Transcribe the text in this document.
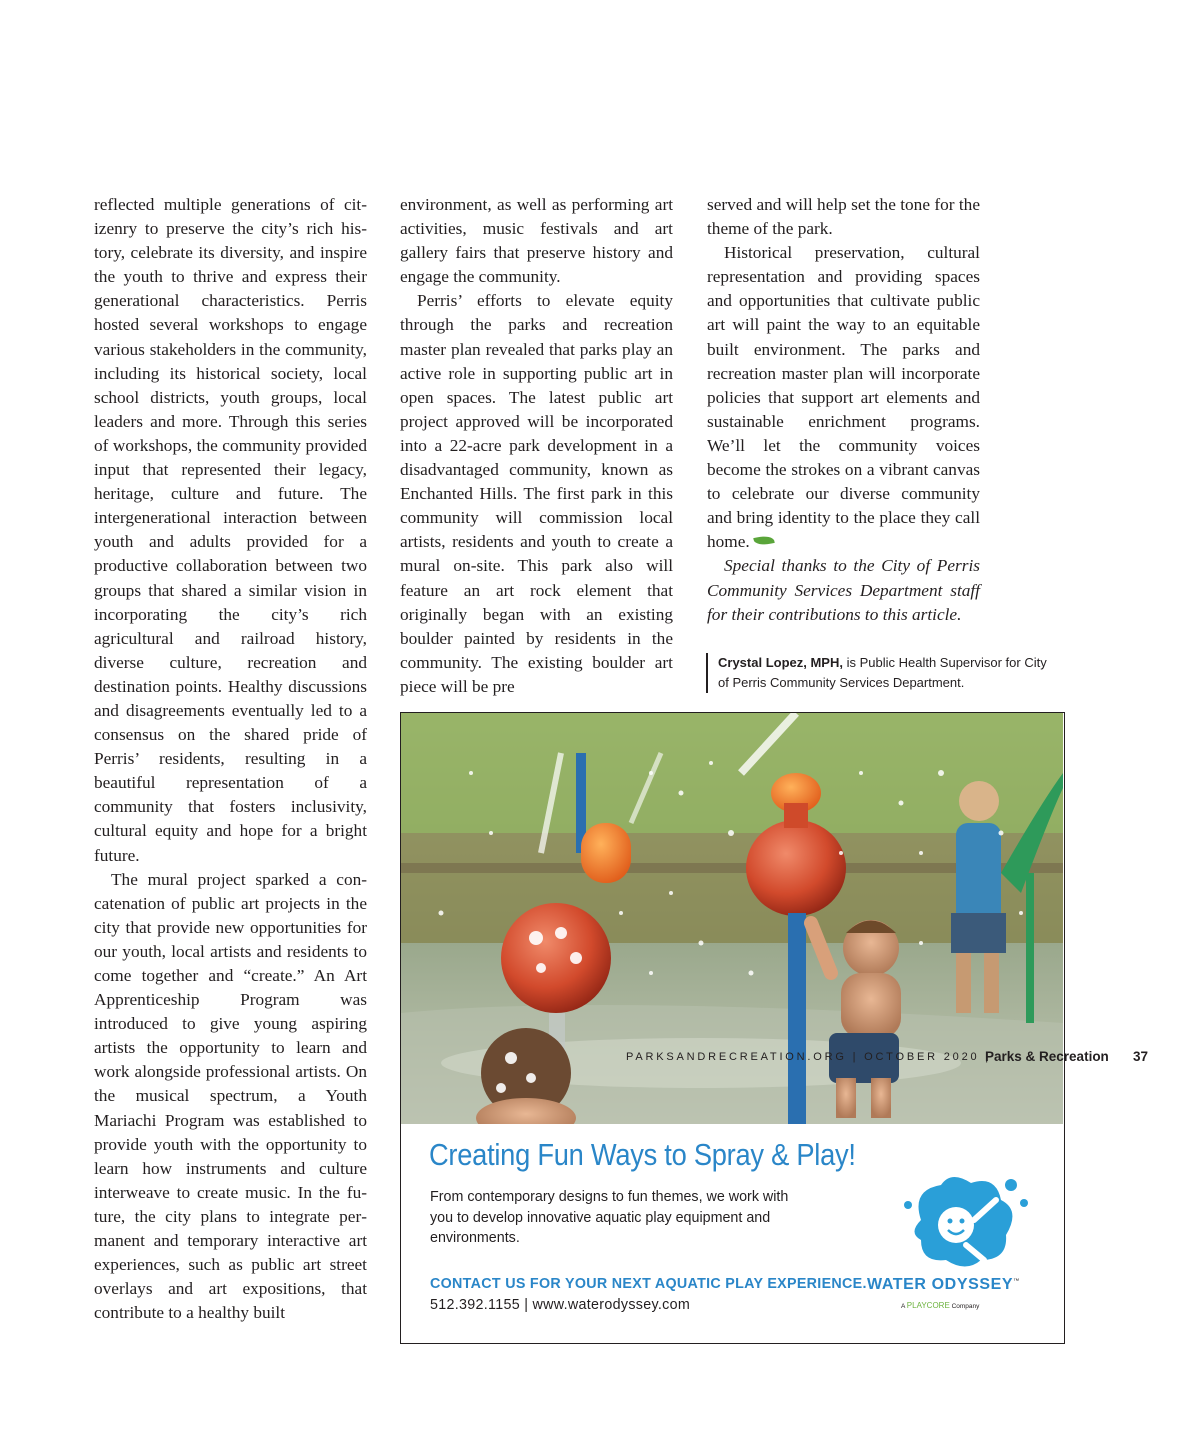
reflected multiple generations of citizenry to preserve the city’s rich history, celebrate its diversity, and inspire the youth to thrive and express their generational characteristics. Perris hosted several workshops to engage various stakeholders in the community, including its historical society, local school districts, youth groups, local leaders and more. Through this series of workshops, the community provided input that represented their legacy, heritage, culture and future. The intergenerational interaction between youth and adults provided for a productive collaboration between two groups that shared a similar vision in incorporating the city’s rich agricultural and railroad history, diverse culture, recreation and destination points. Healthy discussions and disagreements eventually led to a consensus on the shared pride of Perris’ residents, resulting in a beautiful representation of a community that fosters inclusivity, cultural equity and hope for a bright future.

The mural project sparked a concatenation of public art projects in the city that provide new opportunities for our youth, local artists and residents to come together and “create.” An Art Apprenticeship Program was introduced to give young aspiring artists the opportunity to learn and work alongside professional artists. On the musical spectrum, a Youth Mariachi Program was established to provide youth with the opportunity to learn how instruments and culture interweave to create music. In the future, the city plans to integrate permanent and temporary interactive art experiences, such as public art street overlays and art expositions, that contribute to a healthy built

environment, as well as performing art activities, music festivals and art gallery fairs that preserve history and engage the community.

Perris’ efforts to elevate equity through the parks and recreation master plan revealed that parks play an active role in supporting public art in open spaces. The latest public art project approved will be incorporated into a 22-acre park development in a disadvantaged community, known as Enchanted Hills. The first park in this community will commission local artists, residents and youth to create a mural on-site. This park also will feature an art rock element that originally began with an existing boulder painted by residents in the community. The existing boulder art piece will be pre

served and will help set the tone for the theme of the park.

Historical preservation, cultural representation and providing spaces and opportunities that cultivate public art will paint the way to an equitable built environment. The parks and recreation master plan will incorporate policies that support art elements and sustainable enrichment programs. We’ll let the community voices become the strokes on a vibrant canvas to celebrate our diverse community and bring identity to the place they call home.

Special thanks to the City of Perris Community Services Department staff for their contributions to this article.

Crystal Lopez, MPH, is Public Health Supervisor for City of Perris Community Services Department.
Creating Fun Ways to Spray & Play!

From contemporary designs to fun themes, we work with you to develop innovative aquatic play equipment and environments.

CONTACT US FOR YOUR NEXT AQUATIC PLAY EXPERIENCE.
512.392.1155 | www.waterodyssey.com
WATER ODYSSEY™
A PLAYCORE Company
PARKSANDRECREATION.ORG | OCTOBER 2020 |
Parks & Recreation 37
